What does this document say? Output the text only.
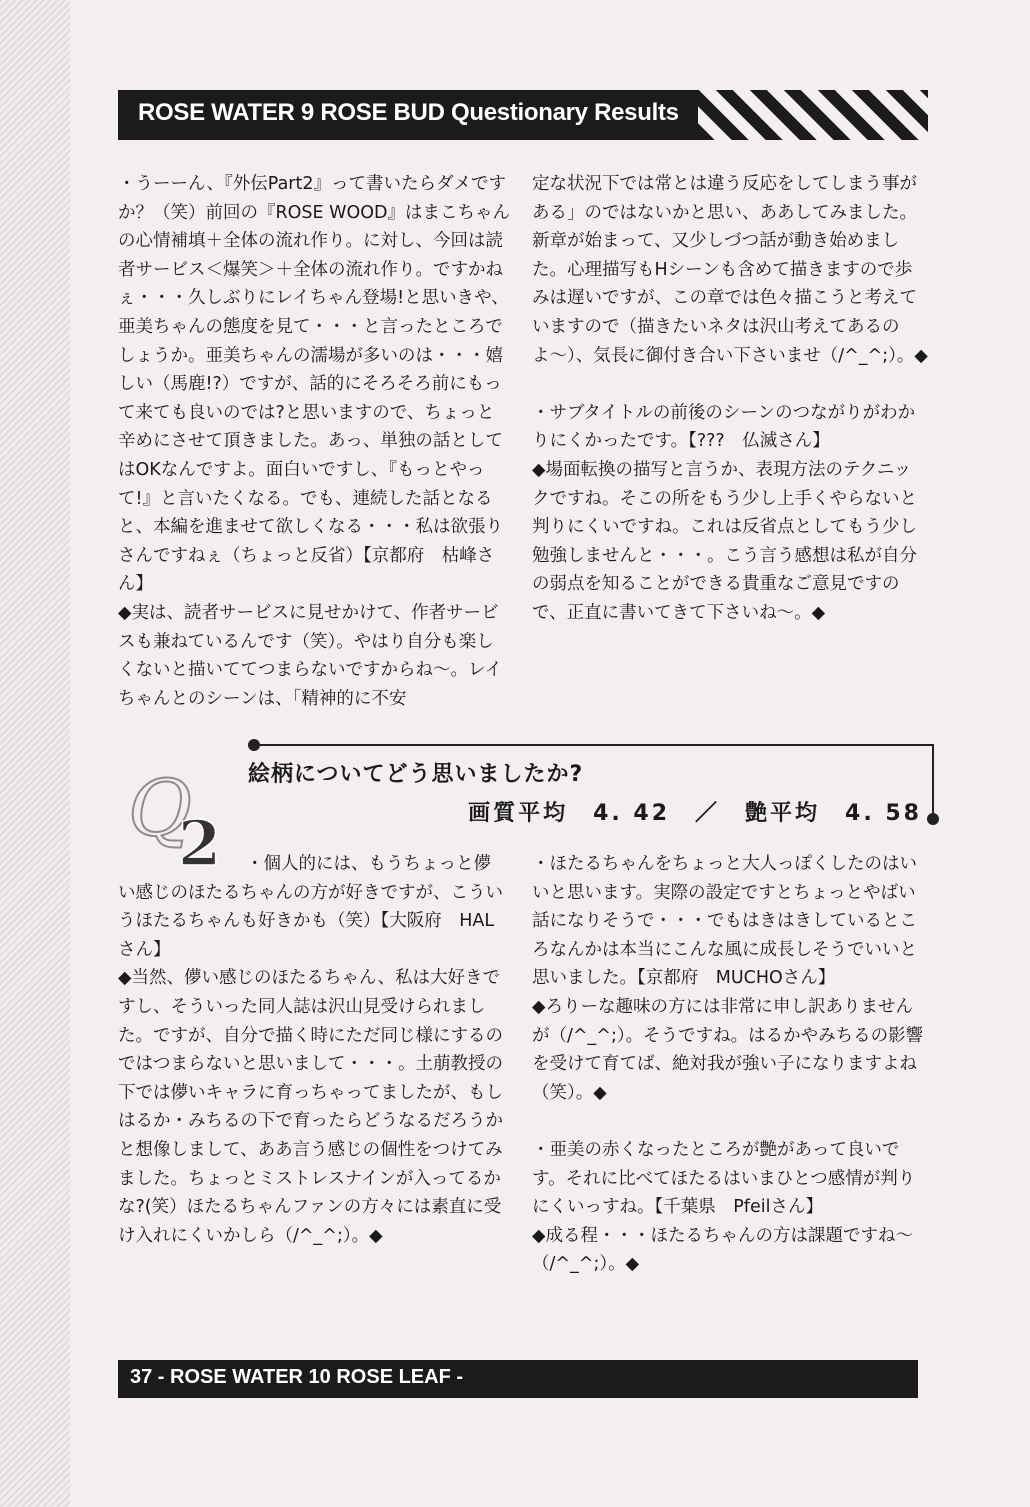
ROSE WATER 9 ROSE BUD Questionary Results
・うーーん、『外伝Part2』って書いたらダメですか？（笑）前回の『ROSE WOOD』はまこちゃんの心情補填＋全体の流れ作り。に対し、今回は読者サービス＜爆笑＞＋全体の流れ作り。ですかねぇ・・・久しぶりにレイちゃん登場!と思いきや、亜美ちゃんの態度を見て・・・と言ったところでしょうか。亜美ちゃんの濡場が多いのは・・・嬉しい（馬鹿!?）ですが、話的にそろそろ前にもって来ても良いのでは?と思いますので、ちょっと辛めにさせて頂きました。あっ、単独の話としてはOKなんですよ。面白いですし、『もっとやって!』と言いたくなる。でも、連続した話となると、本編を進ませて欲しくなる・・・私は欲張りさんですねぇ（ちょっと反省）【京都府　枯峰さん】
◆実は、読者サービスに見せかけて、作者サービスも兼ねているんです（笑）。やはり自分も楽しくないと描いててつまらないですからね〜。レイちゃんとのシーンは、「精神的に不安
定な状況下では常とは違う反応をしてしまう事がある」のではないかと思い、ああしてみました。新章が始まって、又少しづつ話が動き始めました。心理描写もHシーンも含めて描きますので歩みは遅いですが、この章では色々描こうと考えていますので（描きたいネタは沢山考えてあるのよ〜）、気長に御付き合い下さいませ（/^_^;）。◆

・サブタイトルの前後のシーンのつながりがわかりにくかったです。【???　仏滅さん】
◆場面転換の描写と言うか、表現方法のテクニックですね。そこの所をもう少し上手くやらないと判りにくいですね。これは反省点としてもう少し勉強しませんと・・・。こう言う感想は私が自分の弱点を知ることができる貴重なご意見ですので、正直に書いてきて下さいね〜。◆
Q
2
絵柄についてどう思いましたか?
画質平均　4. 42　／　艶平均　4. 58
・個人的には、もうちょっと儚い感じのほたるちゃんの方が好きですが、こういうほたるちゃんも好きかも（笑）【大阪府　HALさん】
◆当然、儚い感じのほたるちゃん、私は大好きですし、そういった同人誌は沢山見受けられました。ですが、自分で描く時にただ同じ様にするのではつまらないと思いまして・・・。土萠教授の下では儚いキャラに育っちゃってましたが、もしはるか・みちるの下で育ったらどうなるだろうかと想像しまして、ああ言う感じの個性をつけてみました。ちょっとミストレスナインが入ってるかな?(笑）ほたるちゃんファンの方々には素直に受け入れにくいかしら（/^_^;）。◆
・ほたるちゃんをちょっと大人っぽくしたのはいいと思います。実際の設定ですとちょっとやばい話になりそうで・・・でもはきはきしているところなんかは本当にこんな風に成長しそうでいいと思いました。【京都府　MUCHOさん】
◆ろりーな趣味の方には非常に申し訳ありませんが（/^_^;）。そうですね。はるかやみちるの影響を受けて育てば、絶対我が強い子になりますよね（笑）。◆

・亜美の赤くなったところが艶があって良いです。それに比べてほたるはいまひとつ感情が判りにくいっすね。【千葉県　Pfeilさん】
◆成る程・・・ほたるちゃんの方は課題ですね〜（/^_^;）。◆
37 - ROSE WATER 10 ROSE LEAF -
